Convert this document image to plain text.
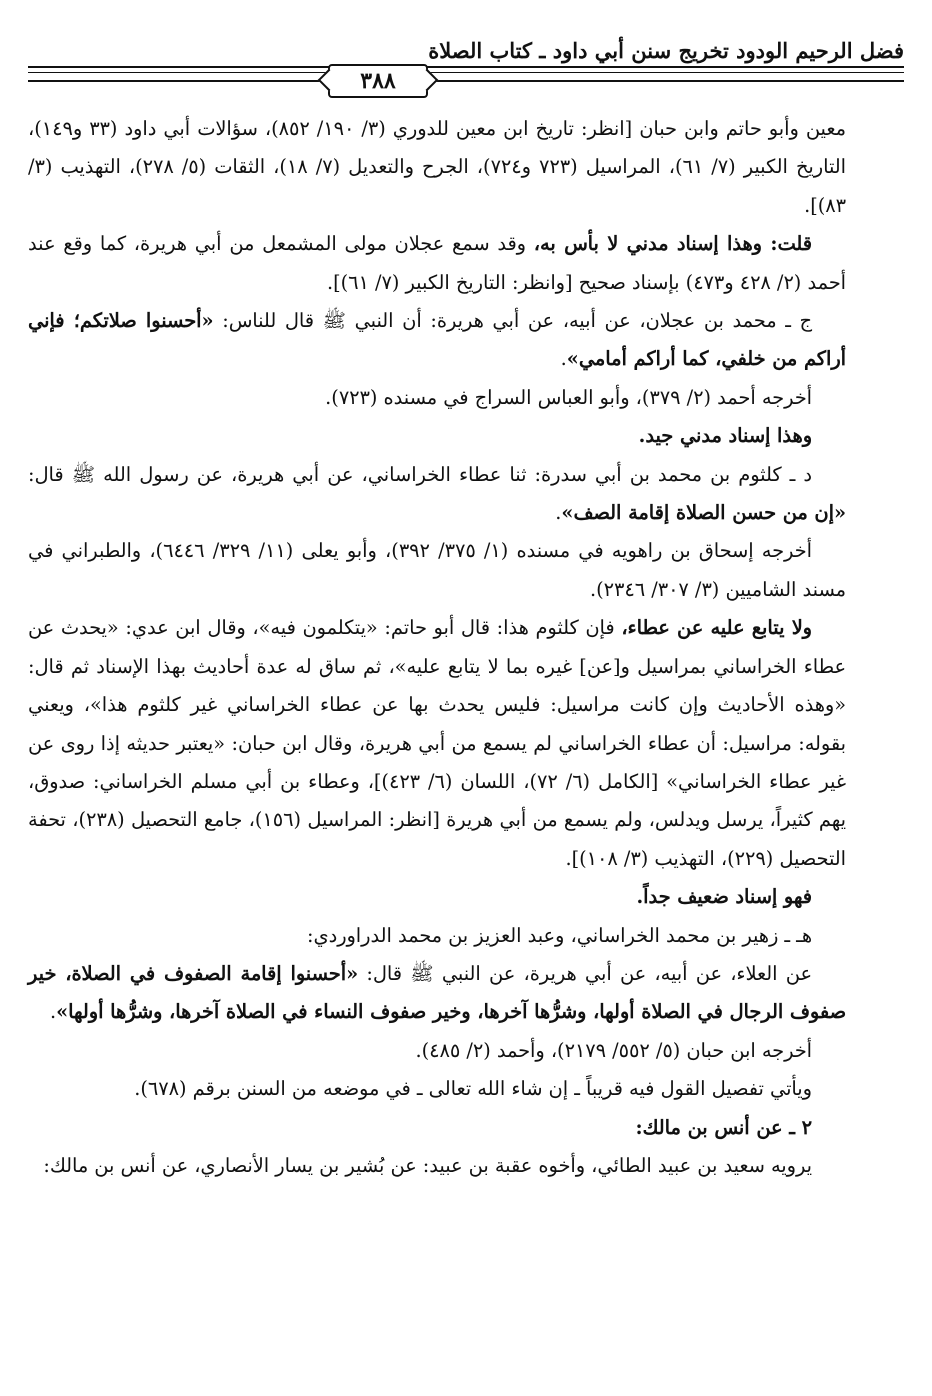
فضل الرحيم الودود تخريج سنن أبي داود ـ كتاب الصلاة
٣٨٨

معين وأبو حاتم وابن حبان [انظر: تاريخ ابن معين للدوري (٣/ ١٩٠/ ٨٥٢)، سؤالات أبي داود (٣٣ و١٤٩)، التاريخ الكبير (٧/ ٦١)، المراسيل (٧٢٣ و٧٢٤)، الجرح والتعديل (٧/ ١٨)، الثقات (٥/ ٢٧٨)، التهذيب (٣/ ٨٣)].

قلت: وهذا إسناد مدني لا بأس به، وقد سمع عجلان مولى المشمعل من أبي هريرة، كما وقع عند أحمد (٢/ ٤٢٨ و٤٧٣) بإسناد صحيح [وانظر: التاريخ الكبير (٧/ ٦١)].

ج ـ محمد بن عجلان، عن أبيه، عن أبي هريرة: أن النبي ﷺ قال للناس: «أحسنوا صلاتكم؛ فإني أراكم من خلفي، كما أراكم أمامي».

أخرجه أحمد (٢/ ٣٧٩)، وأبو العباس السراج في مسنده (٧٢٣).

وهذا إسناد مدني جيد.

د ـ كلثوم بن محمد بن أبي سدرة: ثنا عطاء الخراساني، عن أبي هريرة، عن رسول الله ﷺ قال: «إن من حسن الصلاة إقامة الصف».

أخرجه إسحاق بن راهويه في مسنده (١/ ٣٧٥/ ٣٩٢)، وأبو يعلى (١١/ ٣٢٩/ ٦٤٤٦)، والطبراني في مسند الشاميين (٣/ ٣٠٧/ ٢٣٤٦).

ولا يتابع عليه عن عطاء، فإن كلثوم هذا: قال أبو حاتم: «يتكلمون فيه»، وقال ابن عدي: «يحدث عن عطاء الخراساني بمراسيل و[عن] غيره بما لا يتابع عليه»، ثم ساق له عدة أحاديث بهذا الإسناد ثم قال: «وهذه الأحاديث وإن كانت مراسيل: فليس يحدث بها عن عطاء الخراساني غير كلثوم هذا»، ويعني بقوله: مراسيل: أن عطاء الخراساني لم يسمع من أبي هريرة، وقال ابن حبان: «يعتبر حديثه إذا روى عن غير عطاء الخراساني» [الكامل (٦/ ٧٢)، اللسان (٦/ ٤٢٣)]، وعطاء بن أبي مسلم الخراساني: صدوق، يهم كثيراً، يرسل ويدلس، ولم يسمع من أبي هريرة [انظر: المراسيل (١٥٦)، جامع التحصيل (٢٣٨)، تحفة التحصيل (٢٢٩)، التهذيب (٣/ ١٠٨)].

فهو إسناد ضعيف جداً.

هـ ـ زهير بن محمد الخراساني، وعبد العزيز بن محمد الدراوردي:

عن العلاء، عن أبيه، عن أبي هريرة، عن النبي ﷺ قال: «أحسنوا إقامة الصفوف في الصلاة، خير صفوف الرجال في الصلاة أولها، وشرُّها آخرها، وخير صفوف النساء في الصلاة آخرها، وشرُّها أولها».

أخرجه ابن حبان (٥/ ٥٥٢/ ٢١٧٩)، وأحمد (٢/ ٤٨٥).

ويأتي تفصيل القول فيه قريباً ـ إن شاء الله تعالى ـ في موضعه من السنن برقم (٦٧٨).

٢ ـ عن أنس بن مالك:

يرويه سعيد بن عبيد الطائي، وأخوه عقبة بن عبيد: عن بُشير بن يسار الأنصاري، عن أنس بن مالك:
